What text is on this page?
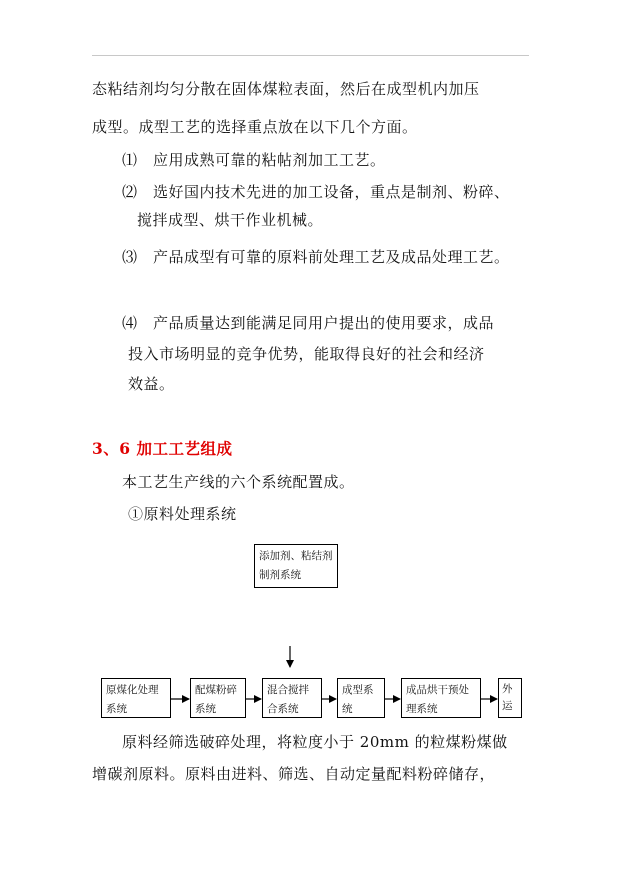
态粘结剂均匀分散在固体煤粒表面，然后在成型机内加压
成型。成型工艺的选择重点放在以下几个方面。
⑴　应用成熟可靠的粘帖剂加工工艺。
⑵　选好国内技术先进的加工设备，重点是制剂、粉碎、
搅拌成型、烘干作业机械。
⑶　产品成型有可靠的原料前处理工艺及成品处理工艺。
⑷　产品质量达到能满足同用户提出的使用要求，成品
投入市场明显的竞争优势，能取得良好的社会和经济
效益。
3、6 加工工艺组成
本工艺生产线的六个系统配置成。
①原料处理系统
添加剂、粘结剂制剂系统
原煤化处理系统
配煤粉碎系统
混合搅拌合系统
成型系统
成品烘干预处理系统
外运
原料经筛选破碎处理，将粒度小于 20mm 的粒煤粉煤做
增碳剂原料。原料由进料、筛选、自动定量配料粉碎储存，
